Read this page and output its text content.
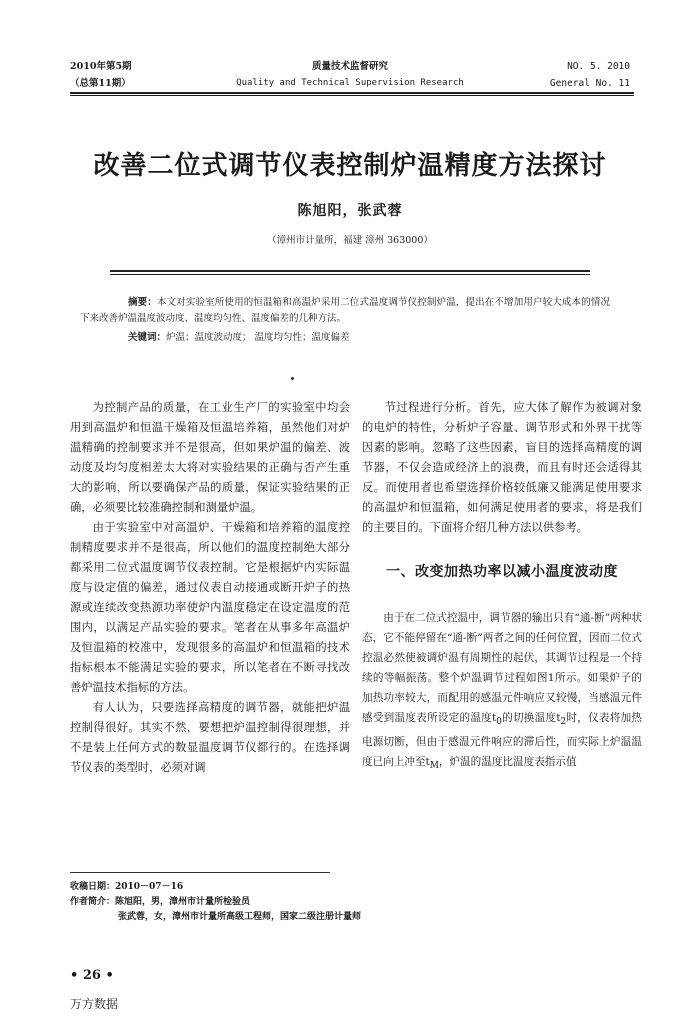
2010年第5期
（总第11期）
质量技术监督研究
Quality and Technical Supervision Research
NO. 5. 2010
General No. 11
改善二位式调节仪表控制炉温精度方法探讨
陈旭阳，张武蓉
（漳州市计量所，福建 漳州 363000）

摘要：本文对实验室所使用的恒温箱和高温炉采用二位式温度调节仪控制炉温，提出在不增加用户较大成本的情况下来改善炉温温度波动度、温度均匀性、温度偏差的几种方法。

关键词：炉温；温度波动度； 温度均匀性；温度偏差

为控制产品的质量，在工业生产厂的实验室中均会用到高温炉和恒温干燥箱及恒温培养箱，虽然他们对炉温精确的控制要求并不是很高，但如果炉温的偏差、波动度及均匀度相差太大将对实验结果的正确与否产生重大的影响，所以要确保产品的质量，保证实验结果的正确，必须要比较准确控制和测量炉温。

由于实验室中对高温炉、干燥箱和培养箱的温度控制精度要求并不是很高，所以他们的温度控制绝大部分都采用二位式温度调节仪表控制。它是根据炉内实际温度与设定值的偏差，通过仪表自动接通或断开炉子的热源或连续改变热源功率使炉内温度稳定在设定温度的范围内，以满足产品实验的要求。笔者在从事多年高温炉及恒温箱的校准中，发现很多的高温炉和恒温箱的技术指标根本不能满足实验的要求，所以笔者在不断寻找改善炉温技术指标的方法。

有人认为，只要选择高精度的调节器，就能把炉温控制得很好。其实不然，要想把炉温控制得很理想，并不是装上任何方式的数显温度调节仪都行的。在选择调节仪表的类型时，必须对调

节过程进行分析。首先，应大体了解作为被调对象的电炉的特性，分析炉子容量、调节形式和外界干扰等因素的影响。忽略了这些因素，盲目的选择高精度的调节器，不仅会造成经济上的浪费，而且有时还会适得其反。而使用者也希望选择价格较低廉又能满足使用要求的高温炉和恒温箱，如何满足使用者的要求，将是我们的主要目的。下面将介绍几种方法以供参考。

一、改变加热功率以减小温度波动度

由于在二位式控温中，调节器的输出只有“通-断”两种状态，它不能停留在“通-断”两者之间的任何位置，因而二位式控温必然使被调炉温有周期性的起伏，其调节过程是一个持续的等幅振荡。整个炉温调节过程如图1所示。如果炉子的加热功率较大，而配用的感温元件响应又较慢，当感温元件感受到温度表所设定的温度$t_0$的切换温度$t_2$时，仪表将加热电源切断，但由于感温元件响应的滞后性，而实际上炉温温度已向上冲至$t_M$，炉温的温度比温度表指示值

收稿日期：2010－07－16
作者简介：陈旭阳，男，漳州市计量所检验员
张武蓉，女，漳州市计量所高级工程师，国家二级注册计量师
• 26 •
万方数据
